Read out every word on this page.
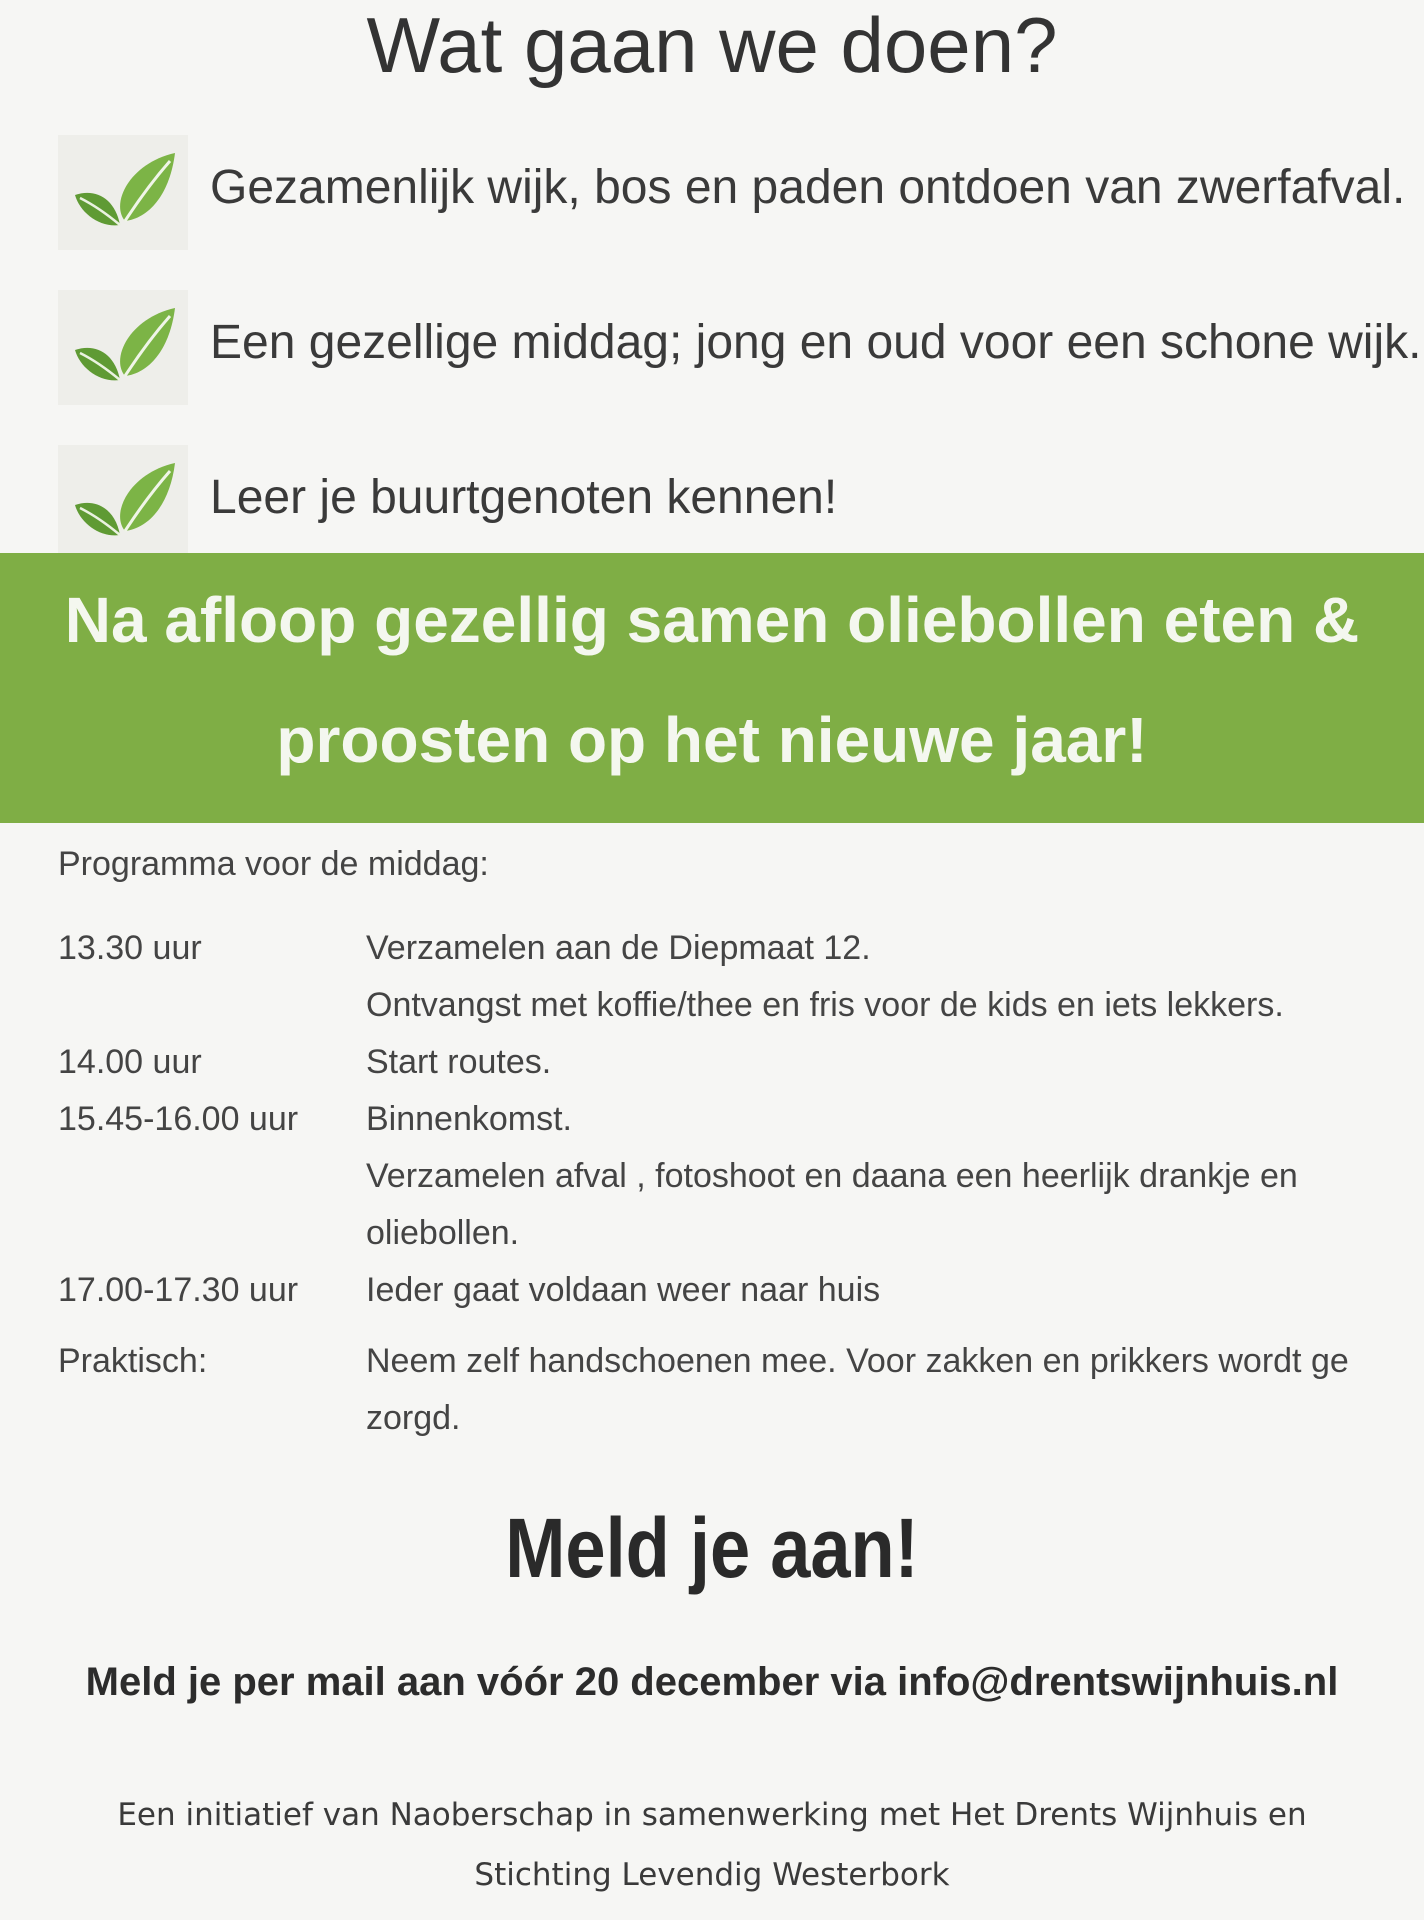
Wat gaan we doen?
Gezamenlijk wijk, bos en paden ontdoen van zwerfafval.
Een gezellige middag; jong en oud voor een schone wijk.
Leer je buurtgenoten kennen!
Na afloop gezellig samen oliebollen eten &
proosten op het nieuwe jaar!
Programma voor de middag:
13.30 uur	Verzamelen aan de Diepmaat 12.
Ontvangst met koffie/thee en fris voor de kids en iets lekkers.
14.00 uur	Start routes.
15.45-16.00 uur Binnenkomst.
Verzamelen afval , fotoshoot en daana een heerlijk drankje en
oliebollen.
17.00-17.30 uur Ieder gaat voldaan weer naar huis
Praktisch:	Neem zelf handschoenen mee. Voor zakken en prikkers wordt ge
zorgd.
Meld je aan!
Meld je per mail aan vóór 20 december via info@drentswijnhuis.nl
Een initiatief van Naoberschap in samenwerking met Het Drents Wijnhuis en
Stichting Levendig Westerbork
